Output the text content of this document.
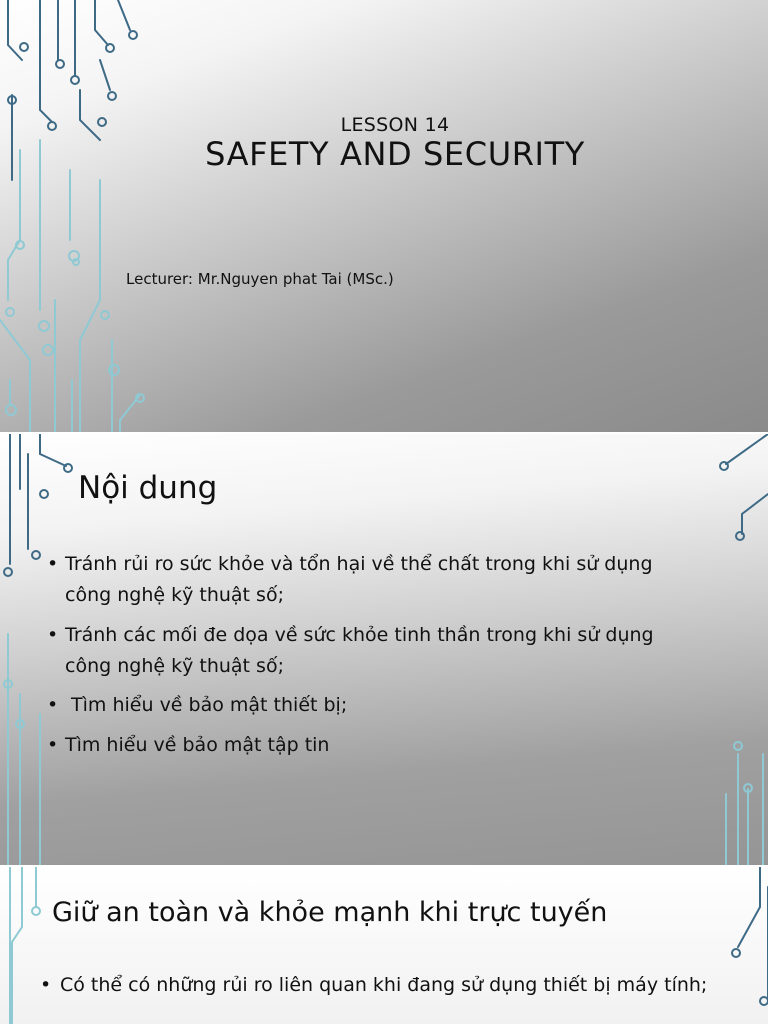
LESSON 14
SAFETY AND SECURITY
Lecturer: Mr.Nguyen phat Tai (MSc.)
Nội dung
• Tránh rủi ro sức khỏe và tổn hại về thể chất trong khi sử dụng
công nghệ kỹ thuật số;
• Tránh các mối đe dọa về sức khỏe tinh thần trong khi sử dụng
công nghệ kỹ thuật số;
• Tìm hiểu về bảo mật thiết bị;
• Tìm hiểu về bảo mật tập tin
Giữ an toàn và khỏe mạnh khi trực tuyến
• Có thể có những rủi ro liên quan khi đang sử dụng thiết bị máy tính;
